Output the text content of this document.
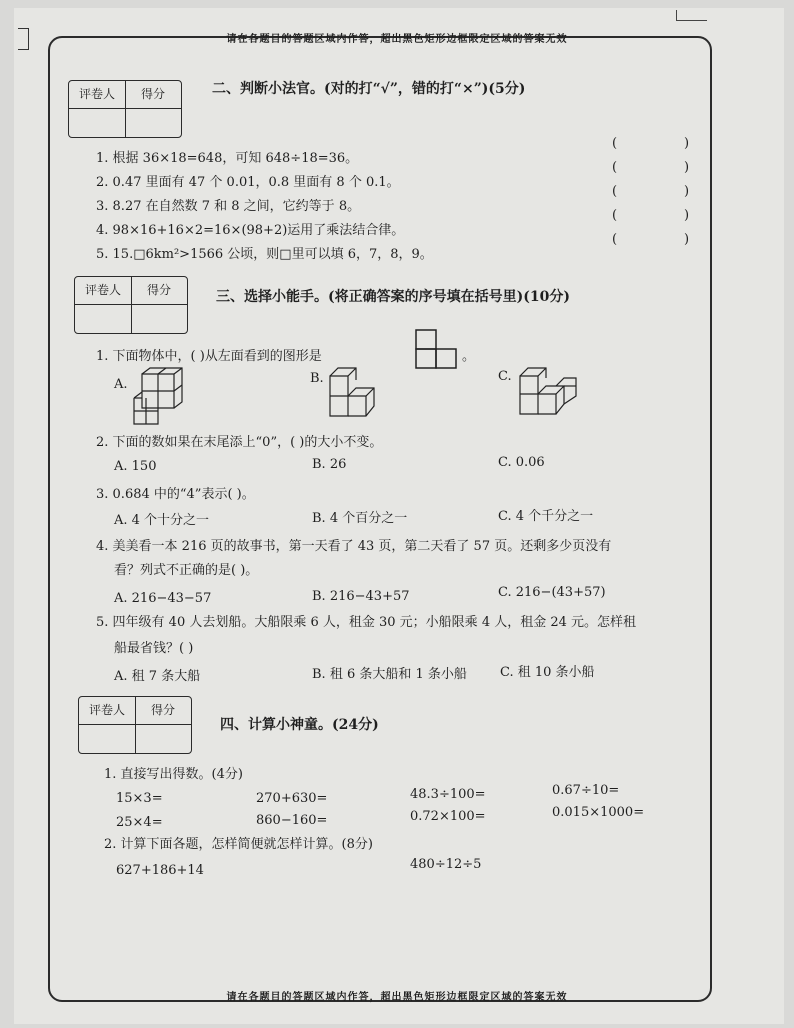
请在各题目的答题区域内作答，超出黑色矩形边框限定区域的答案无效
请在各题目的答题区域内作答，超出黑色矩形边框限定区域的答案无效
评卷人	得分	二、判断小法官。(对的打“√”，错的打“×”)(5分)
1. 根据 36×18=648，可知 648÷18=36。
2. 0.47 里面有 47 个 0.01，0.8 里面有 8 个 0.1。
3. 8.27 在自然数 7 和 8 之间，它约等于 8。
4. 98×16+16×2=16×(98+2)运用了乘法结合律。
5. 15.□6km²>1566 公顷，则□里可以填 6，7，8，9。
(	)
(	)
(	)
(	)
(	)
评卷人	得分	三、选择小能手。(将正确答案的序号填在括号里)(10分)
1. 下面物体中，( )从左面看到的图形是	。
A.	B.	C.
2. 下面的数如果在末尾添上“0”，( )的大小不变。
A. 150	B. 26	C. 0.06
3. 0.684 中的“4”表示( )。
A. 4 个十分之一	B. 4 个百分之一	C. 4 个千分之一
4. 美美看一本 216 页的故事书，第一天看了 43 页，第二天看了 57 页。还剩多少页没有
看？列式不正确的是( )。
A. 216−43−57	B. 216−43+57	C. 216−(43+57)
5. 四年级有 40 人去划船。大船限乘 6 人，租金 30 元；小船限乘 4 人，租金 24 元。怎样租
船最省钱？( )
A. 租 7 条大船	B. 租 6 条大船和 1 条小船	C. 租 10 条小船
评卷人	得分
四、计算小神童。(24分)
1. 直接写出得数。(4分)
15×3=	270+630=	48.3÷100=	0.67÷10=
25×4=	860−160=	0.72×100=	0.015×1000=
2. 计算下面各题，怎样简便就怎样计算。(8分)
627+186+14	480÷12÷5
